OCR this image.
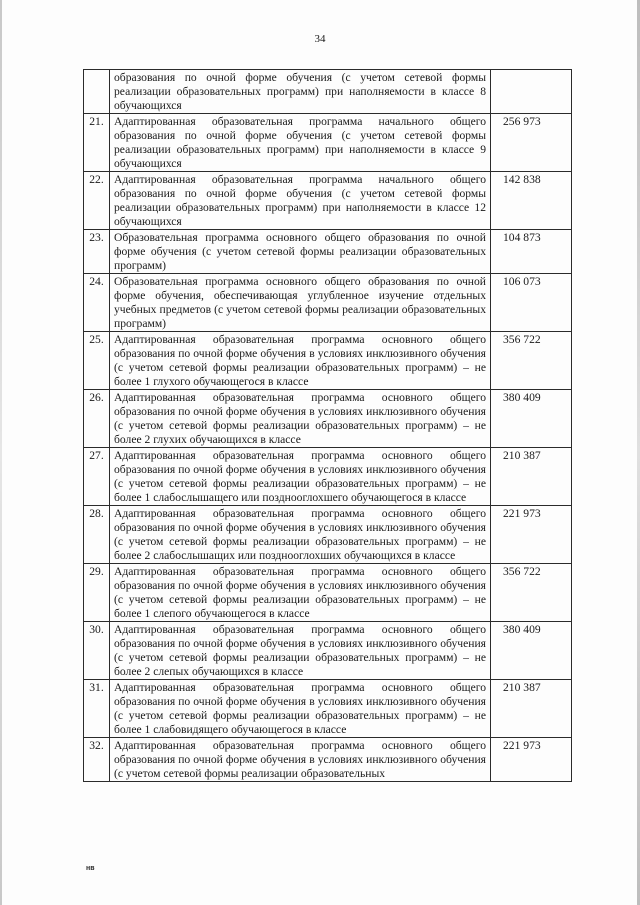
34
	образования по очной форме обучения (с учетом сетевой формы реализации образовательных программ) при наполняемости в классе 8 обучающихся	
21.	Адаптированная образовательная программа начального общего образования по очной форме обучения (с учетом сетевой формы реализации образовательных программ) при наполняемости в классе 9 обучающихся	256 973
22.	Адаптированная образовательная программа начального общего образования по очной форме обучения (с учетом сетевой формы реализации образовательных программ) при наполняемости в классе 12 обучающихся	142 838
23.	Образовательная программа основного общего образования по очной форме обучения (с учетом сетевой формы реализации образовательных программ)	104 873
24.	Образовательная программа основного общего образования по очной форме обучения, обеспечивающая углубленное изучение отдельных учебных предметов (с учетом сетевой формы реализации образовательных программ)	106 073
25.	Адаптированная образовательная программа основного общего образования по очной форме обучения в условиях инклюзивного обучения (с учетом сетевой формы реализации образовательных программ) – не более 1 глухого обучающегося в классе	356 722
26.	Адаптированная образовательная программа основного общего образования по очной форме обучения в условиях инклюзивного обучения (с учетом сетевой формы реализации образовательных программ) – не более 2 глухих обучающихся в классе	380 409
27.	Адаптированная образовательная программа основного общего образования по очной форме обучения в условиях инклюзивного обучения (с учетом сетевой формы реализации образовательных программ) – не более 1 слабослышащего или позднооглохшего обучающегося в классе	210 387
28.	Адаптированная образовательная программа основного общего образования по очной форме обучения в условиях инклюзивного обучения (с учетом сетевой формы реализации образовательных программ) – не более 2 слабослышащих или позднооглохших обучающихся в классе	221 973
29.	Адаптированная образовательная программа основного общего образования по очной форме обучения в условиях инклюзивного обучения (с учетом сетевой формы реализации образовательных программ) – не более 1 слепого обучающегося в классе	356 722
30.	Адаптированная образовательная программа основного общего образования по очной форме обучения в условиях инклюзивного обучения (с учетом сетевой формы реализации образовательных программ) – не более 2 слепых обучающихся в классе	380 409
31.	Адаптированная образовательная программа основного общего образования по очной форме обучения в условиях инклюзивного обучения (с учетом сетевой формы реализации образовательных программ) – не более 1 слабовидящего обучающегося в классе	210 387
32.	Адаптированная образовательная программа основного общего образования по очной форме обучения в условиях инклюзивного обучения (с учетом сетевой формы реализации образовательных	221 973
нв
